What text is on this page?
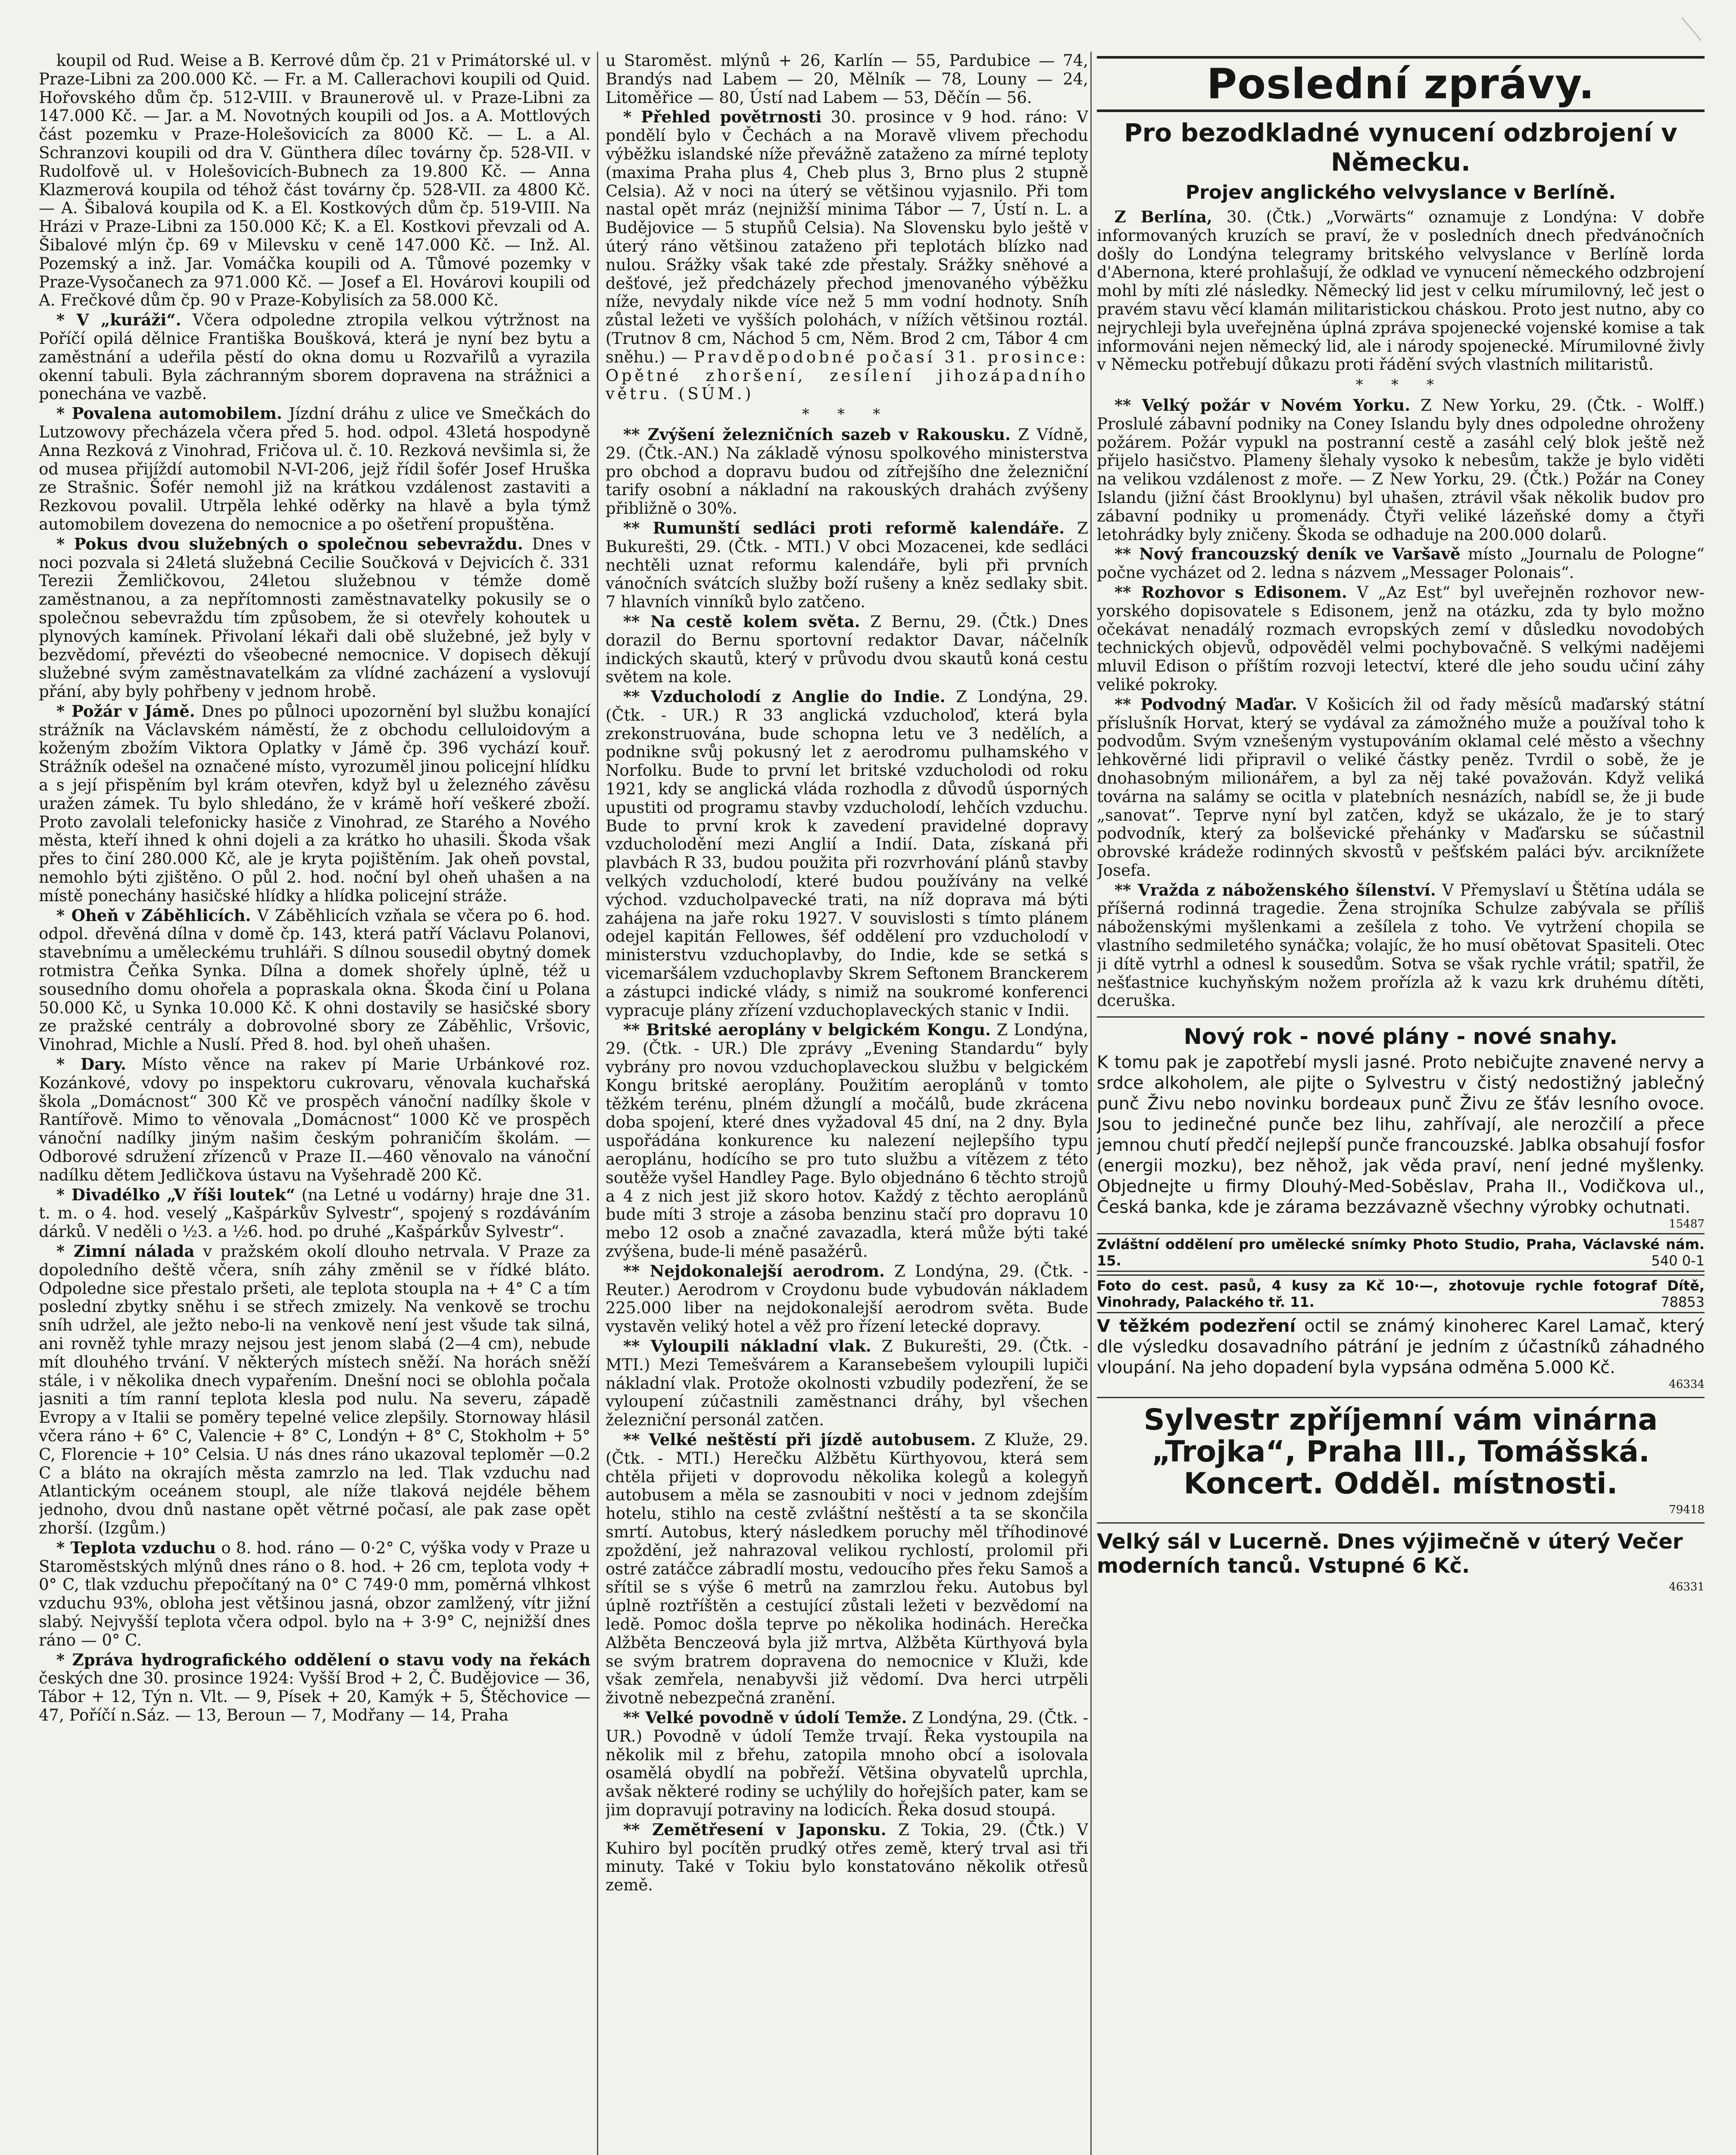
koupil od Rud. Weise a B. Kerrové dům čp. 21 v Primátorské ul. v Praze-Libni za 200.000 Kč. — Fr. a M. Callerachovi koupili od Quid. Hořovského dům čp. 512-VIII. v Braunerově ul. v Praze-Libni za 147.000 Kč. — Jar. a M. Novotných koupili od Jos. a A. Mottlových část pozemku v Praze-Holešovicích za 8000 Kč. — L. a Al. Schranzovi koupili od dra V. Günthera dílec továrny čp. 528-VII. v Rudolfově ul. v Holešovicích-Bubnech za 19.800 Kč. — Anna Klazmerová koupila od téhož část továrny čp. 528-VII. za 4800 Kč. — A. Šibalová koupila od K. a El. Kostkových dům čp. 519-VIII. Na Hrázi v Praze-Libni za 150.000 Kč; K. a El. Kostkovi převzali od A. Šibalové mlýn čp. 69 v Milevsku v ceně 147.000 Kč. — Inž. Al. Pozemský a inž. Jar. Vomáčka koupili od A. Tůmové pozemky v Praze-Vysočanech za 971.000 Kč. — Josef a El. Hovárovi koupili od A. Frečkové dům čp. 90 v Praze-Kobylisích za 58.000 Kč.

* V „kuráži“. Včera odpoledne ztropila velkou výtržnost na Poříčí opilá dělnice Františka Boušková, která je nyní bez bytu a zaměstnání a udeřila pěstí do okna domu u Rozvařilů a vyrazila okenní tabuli. Byla záchranným sborem dopravena na strážnici a ponechána ve vazbě.

* Povalena automobilem. Jízdní dráhu z ulice ve Smečkách do Lutzowovy přecházela včera před 5. hod. odpol. 43letá hospodyně Anna Rezková z Vinohrad, Fričova ul. č. 10. Rezková nevšimla si, že od musea přijíždí automobil N-VI-206, jejž řídil šofér Josef Hruška ze Strašnic. Šofér nemohl již na krátkou vzdálenost zastaviti a Rezkovou povalil. Utrpěla lehké oděrky na hlavě a byla týmž automobilem dovezena do nemocnice a po ošetření propuštěna.

* Pokus dvou služebných o společnou sebevraždu. Dnes v noci pozvala si 24letá služebná Cecilie Součková v Dejvicích č. 331 Terezii Žemličkovou, 24letou služebnou v témže domě zaměstnanou, a za nepřítomnosti zaměstnavatelky pokusily se o společnou sebevraždu tím způsobem, že si otevřely kohoutek u plynových kamínek. Přivolaní lékaři dali obě služebné, jež byly v bezvědomí, převézti do všeobecné nemocnice. V dopisech děkují služebné svým zaměstnavatelkám za vlídné zacházení a vyslovují přání, aby byly pohřbeny v jednom hrobě.

* Požár v Jámě. Dnes po půlnoci upozornění byl službu konající strážník na Václavském náměstí, že z obchodu celluloidovým a koženým zbožím Viktora Oplatky v Jámě čp. 396 vychází kouř. Strážník odešel na označené místo, vyrozuměl jinou policejní hlídku a s její přispěním byl krám otevřen, když byl u železného závěsu uražen zámek. Tu bylo shledáno, že v krámě hoří veškeré zboží. Proto zavolali telefonicky hasiče z Vinohrad, ze Starého a Nového města, kteří ihned k ohni dojeli a za krátko ho uhasili. Škoda však přes to činí 280.000 Kč, ale je kryta pojištěním. Jak oheň povstal, nemohlo býti zjištěno. O půl 2. hod. noční byl oheň uhašen a na místě ponechány hasičské hlídky a hlídka policejní stráže.

* Oheň v Záběhlicích. V Záběhlicích vzňala se včera po 6. hod. odpol. dřevěná dílna v domě čp. 143, která patří Václavu Polanovi, stavebnímu a uměleckému truhláři. S dílnou sousedil obytný domek rotmistra Čeňka Synka. Dílna a domek shořely úplně, též u sousedního domu ohořela a popraskala okna. Škoda činí u Polana 50.000 Kč, u Synka 10.000 Kč. K ohni dostavily se hasičské sbory ze pražské centrály a dobrovolné sbory ze Záběhlic, Vršovic, Vinohrad, Michle a Nuslí. Před 8. hod. byl oheň uhašen.

* Dary. Místo věnce na rakev pí Marie Urbánkové roz. Kozánkové, vdovy po inspektoru cukrovaru, věnovala kuchařská škola „Domácnost“ 300 Kč ve prospěch vánoční nadílky škole v Rantířově. Mimo to věnovala „Domácnost“ 1000 Kč ve prospěch vánoční nadílky jiným našim českým pohraničím školám. — Odborové sdružení zřízenců v Praze II.—460 věnovalo na vánoční nadílku dětem Jedličkova ústavu na Vyšehradě 200 Kč.

* Divadélko „V říši loutek“ (na Letné u vodárny) hraje dne 31. t. m. o 4. hod. veselý „Kašpárkův Sylvestr“, spojený s rozdáváním dárků. V neděli o ½3. a ½6. hod. po druhé „Kašpárkův Sylvestr“.

* Zimní nálada v pražském okolí dlouho netrvala. V Praze za dopoledního deště včera, sníh záhy změnil se v řídké bláto. Odpoledne sice přestalo pršeti, ale teplota stoupla na + 4° C a tím poslední zbytky sněhu i se střech zmizely. Na venkově se trochu sníh udržel, ale ježto nebo-li na venkově není jest všude tak silná, ani rovněž tyhle mrazy nejsou jest jenom slabá (2—4 cm), nebude mít dlouhého trvání. V některých místech sněží. Na horách sněží stále, i v několika dnech vypařením. Dnešní noci se oblohla počala jasniti a tím ranní teplota klesla pod nulu. Na severu, západě Evropy a v Italii se poměry tepelné velice zlepšily. Stornoway hlásil včera ráno + 6° C, Valencie + 8° C, Londýn + 8° C, Stokholm + 5° C, Florencie + 10° Celsia. U nás dnes ráno ukazoval teploměr —0.2 C a bláto na okrajích města zamrzlo na led. Tlak vzduchu nad Atlantickým oceánem stoupl, ale níže tlaková nejdéle během jednoho, dvou dnů nastane opět větrné počasí, ale pak zase opět zhorší. (Izgům.)

* Teplota vzduchu o 8. hod. ráno — 0·2° C, výška vody v Praze u Staroměstských mlýnů dnes ráno o 8. hod. + 26 cm, teplota vody + 0° C, tlak vzduchu přepočítaný na 0° C 749·0 mm, poměrná vlhkost vzduchu 93%, obloha jest většinou jasná, obzor zamlžený, vítr jižní slabý. Nejvyšší teplota včera odpol. bylo na + 3·9° C, nejnižší dnes ráno — 0° C.

* Zpráva hydrografického oddělení o stavu vody na řekách českých dne 30. prosince 1924: Vyšší Brod + 2, Č. Budějovice — 36, Tábor + 12, Týn n. Vlt. — 9, Písek + 20, Kamýk + 5, Štěchovice — 47, Poříčí n.Sáz. — 13, Beroun — 7, Modřany — 14, Praha

u Staroměst. mlýnů + 26, Karlín — 55, Pardubice — 74, Brandýs nad Labem — 20, Mělník — 78, Louny — 24, Litoměřice — 80, Ústí nad Labem — 53, Děčín — 56.

* Přehled povětrnosti 30. prosince v 9 hod. ráno: V pondělí bylo v Čechách a na Moravě vlivem přechodu výběžku islandské níže převážně zataženo za mírné teploty (maxima Praha plus 4, Cheb plus 3, Brno plus 2 stupně Celsia). Až v noci na úterý se většinou vyjasnilo. Při tom nastal opět mráz (nejnižší minima Tábor — 7, Ústí n. L. a Budějovice — 5 stupňů Celsia). Na Slovensku bylo ještě v úterý ráno většinou zataženo při teplotách blízko nad nulou. Srážky však také zde přestaly. Srážky sněhové a dešťové, jež předcházely přechod jmenovaného výběžku níže, nevydaly nikde více než 5 mm vodní hodnoty. Sníh zůstal ležeti ve vyšších polohách, v nížích většinou roztál. (Trutnov 8 cm, Náchod 5 cm, Něm. Brod 2 cm, Tábor 4 cm sněhu.) — Pravděpodobné počasí 31. prosince: Opětné zhoršení, zesílení jihozápadního větru. (SÚM.)

* * *

** Zvýšení železničních sazeb v Rakousku. Z Vídně, 29. (Čtk.-AN.) Na základě výnosu spolkového ministerstva pro obchod a dopravu budou od zítřejšího dne železniční tarify osobní a nákladní na rakouských drahách zvýšeny přibližně o 30%.

** Rumunští sedláci proti reformě kalendáře. Z Bukurešti, 29. (Čtk. - MTI.) V obci Mozacenei, kde sedláci nechtěli uznat reformu kalendáře, byli při prvních vánočních svátcích služby boží rušeny a kněz sedlaky sbit. 7 hlavních vinníků bylo zatčeno.

** Na cestě kolem světa. Z Bernu, 29. (Čtk.) Dnes dorazil do Bernu sportovní redaktor Davar, náčelník indických skautů, který v průvodu dvou skautů koná cestu světem na kole.

** Vzducholodí z Anglie do Indie. Z Londýna, 29. (Čtk. - UR.) R 33 anglická vzducholoď, která byla zrekonstruována, bude schopna letu ve 3 nedělích, a podnikne svůj pokusný let z aerodromu pulhamského v Norfolku. Bude to první let britské vzducholodi od roku 1921, kdy se anglická vláda rozhodla z důvodů úsporných upustiti od programu stavby vzducholodí, lehčích vzduchu. Bude to první krok k zavedení pravidelné dopravy vzducholodění mezi Anglií a Indií. Data, získaná při plavbách R 33, budou použita při rozvrhování plánů stavby velkých vzducholodí, které budou používány na velké východ. vzducholpavecké trati, na níž doprava má býti zahájena na jaře roku 1927. V souvislosti s tímto plánem odejel kapitán Fellowes, šéf oddělení pro vzducholodí v ministerstvu vzduchoplavby, do Indie, kde se setká s vicemaršálem vzduchoplavby Skrem Seftonem Branckerem a zástupci indické vlády, s nimiž na soukromé konferenci vypracuje plány zřízení vzduchoplaveckých stanic v Indii.

** Britské aeroplány v belgickém Kongu. Z Londýna, 29. (Čtk. - UR.) Dle zprávy „Evening Standardu“ byly vybrány pro novou vzduchoplaveckou službu v belgickém Kongu britské aeroplány. Použitím aeroplánů v tomto těžkém terénu, plném džunglí a močálů, bude zkrácena doba spojení, které dnes vyžadoval 45 dní, na 2 dny. Byla uspořádána konkurence ku nalezení nejlepšího typu aeroplánu, hodícího se pro tuto službu a vítězem z této soutěže vyšel Handley Page. Bylo objednáno 6 těchto strojů a 4 z nich jest již skoro hotov. Každý z těchto aeroplánů bude míti 3 stroje a zásoba benzinu stačí pro dopravu 10 mebo 12 osob a značné zavazadla, která může býti také zvýšena, bude-li méně pasažérů.

** Nejdokonalejší aerodrom. Z Londýna, 29. (Čtk. - Reuter.) Aerodrom v Croydonu bude vybudován nákladem 225.000 liber na nejdokonalejší aerodrom světa. Bude vystavěn veliký hotel a věž pro řízení letecké dopravy.

** Vyloupili nákladní vlak. Z Bukurešti, 29. (Čtk. - MTI.) Mezi Temešvárem a Karansebešem vyloupili lupiči nákladní vlak. Protože okolnosti vzbudily podezření, že se vyloupení zúčastnili zaměstnanci dráhy, byl všechen železniční personál zatčen.

** Velké neštěstí při jízdě autobusem. Z Kluže, 29. (Čtk. - MTI.) Herečku Alžbětu Kürthyovou, která sem chtěla přijeti v doprovodu několika kolegů a kolegyň autobusem a měla se zasnoubiti v noci v jednom zdejším hotelu, stihlo na cestě zvláštní neštěstí a ta se skončila smrtí. Autobus, který následkem poruchy měl tříhodinové zpoždění, jež nahrazoval velikou rychlostí, prolomil při ostré zatáčce zábradlí mostu, vedoucího přes řeku Samoš a sřítil se s výše 6 metrů na zamrzlou řeku. Autobus byl úplně roztříštěn a cestující zůstali ležeti v bezvědomí na ledě. Pomoc došla teprve po několika hodinách. Herečka Alžběta Benczeová byla již mrtva, Alžběta Kürthyová byla se svým bratrem dopravena do nemocnice v Kluži, kde však zemřela, nenabyvši již vědomí. Dva herci utrpěli životně nebezpečná zranění.

** Velké povodně v údolí Temže. Z Londýna, 29. (Čtk. - UR.) Povodně v údolí Temže trvají. Řeka vystoupila na několik mil z břehu, zatopila mnoho obcí a isolovala osamělá obydlí na pobřeží. Většina obyvatelů uprchla, avšak některé rodiny se uchýlily do hořejších pater, kam se jim dopravují potraviny na lodicích. Řeka dosud stoupá.

** Zemětřesení v Japonsku. Z Tokia, 29. (Čtk.) V Kuhiro byl pocítěn prudký otřes země, který trval asi tři minuty. Také v Tokiu bylo konstatováno několik otřesů země.

Poslední zprávy.
Pro bezodkladné vynucení odzbrojení v Německu.
Projev anglického velvyslance v Berlíně.

Z Berlína, 30. (Čtk.) „Vorwärts“ oznamuje z Londýna: V dobře informovaných kruzích se praví, že v posledních dnech předvánočních došly do Londýna telegramy britského velvyslance v Berlíně lorda d'Abernona, které prohlašují, že odklad ve vynucení německého odzbrojení mohl by míti zlé následky. Německý lid jest v celku mírumilovný, leč jest o pravém stavu věcí klamán militaristickou cháskou. Proto jest nutno, aby co nejrychleji byla uveřejněna úplná zpráva spojenecké vojenské komise a tak informováni nejen německý lid, ale i národy spojenecké. Mírumilovné živly v Německu potřebují důkazu proti řádění svých vlastních militaristů.

* * *

** Velký požár v Novém Yorku. Z New Yorku, 29. (Čtk. - Wolff.) Proslulé zábavní podniky na Coney Islandu byly dnes odpoledne ohroženy požárem. Požár vypukl na postranní cestě a zasáhl celý blok ještě než přijelo hasičstvo. Plameny šlehaly vysoko k nebesům, takže je bylo viděti na velikou vzdálenost z moře. — Z New Yorku, 29. (Čtk.) Požár na Coney Islandu (jižní část Brooklynu) byl uhašen, ztrávil však několik budov pro zábavní podniky u promenády. Čtyři veliké lázeňské domy a čtyři letohrádky byly zničeny. Škoda se odhaduje na 200.000 dolarů.

** Nový francouzský deník ve Varšavě místo „Journalu de Pologne“ počne vycházet od 2. ledna s názvem „Messager Polonais“.

** Rozhovor s Edisonem. V „Az Est“ byl uveřejněn rozhovor new-yorského dopisovatele s Edisonem, jenž na otázku, zda ty bylo možno očekávat nenadálý rozmach evropských zemí v důsledku novodobých technických objevů, odpověděl velmi pochybovačně. S velkými nadějemi mluvil Edison o příštím rozvoji letectví, které dle jeho soudu učiní záhy veliké pokroky.

** Podvodný Maďar. V Košicích žil od řady měsíců maďarský státní příslušník Horvat, který se vydával za zámožného muže a používal toho k podvodům. Svým vznešeným vystupováním oklamal celé město a všechny lehkověrné lidi připravil o veliké částky peněz. Tvrdil o sobě, že je dnohasobným milionářem, a byl za něj také považován. Když veliká továrna na salámy se ocitla v platebních nesnázích, nabídl se, že ji bude „sanovat“. Teprve nyní byl zatčen, když se ukázalo, že je to starý podvodník, který za bolševické přehánky v Maďarsku se súčastnil obrovské krádeže rodinných skvostů v pešťském paláci býv. arciknížete Josefa.

** Vražda z náboženského šílenství. V Přemyslaví u Štětína udála se příšerná rodinná tragedie. Žena strojníka Schulze zabývala se příliš náboženskými myšlenkami a zešílela z toho. Ve vytržení chopila se vlastního sedmiletého synáčka; volajíc, že ho musí obětovat Spasiteli. Otec ji dítě vytrhl a odnesl k sousedům. Sotva se však rychle vrátil; spatřil, že nešťastnice kuchyňským nožem prořízla až k vazu krk druhému dítěti, dceruška.

Nový rok - nové plány - nové snahy.

K tomu pak je zapotřebí mysli jasné. Proto nebičujte znavené nervy a srdce alkoholem, ale pijte o Sylvestru v čistý nedostižný jablečný punč Živu nebo novinku bordeaux punč Živu ze šťáv lesního ovoce. Jsou to jedinečné punče bez lihu, zahřívají, ale nerozčilí a přece jemnou chutí předčí nejlepší punče francouzské. Jablka obsahují fosfor (energii mozku), bez něhož, jak věda praví, není jedné myšlenky. Objednejte u firmy Dlouhý-Med-Soběslav, Praha II., Vodičkova ul., Česká banka, kde je zárama bezzávazně všechny výrobky ochutnati.

15487
Zvláštní oddělení pro umělecké snímky Photo Studio, Praha, Václavské nám. 15.	540 0-1
Foto do cest. pasů, 4 kusy za Kč 10·—, zhotovuje rychle fotograf Dítě, Vinohrady, Palackého tř. 11.	78853

V těžkém podezření octil se známý kinoherec Karel Lamač, který dle výsledku dosavadního pátrání je jedním z účastníků záhadného vloupání. Na jeho dopadení byla vypsána odměna 5.000 Kč.

46334
Sylvestr zpříjemní vám vinárna „Trojka“, Praha III., Tomášská. Koncert. Odděl. místnosti.
79418
Velký sál v Lucerně. Dnes výjimečně v úterý Večer moderních tanců. Vstupné 6 Kč.
46331
